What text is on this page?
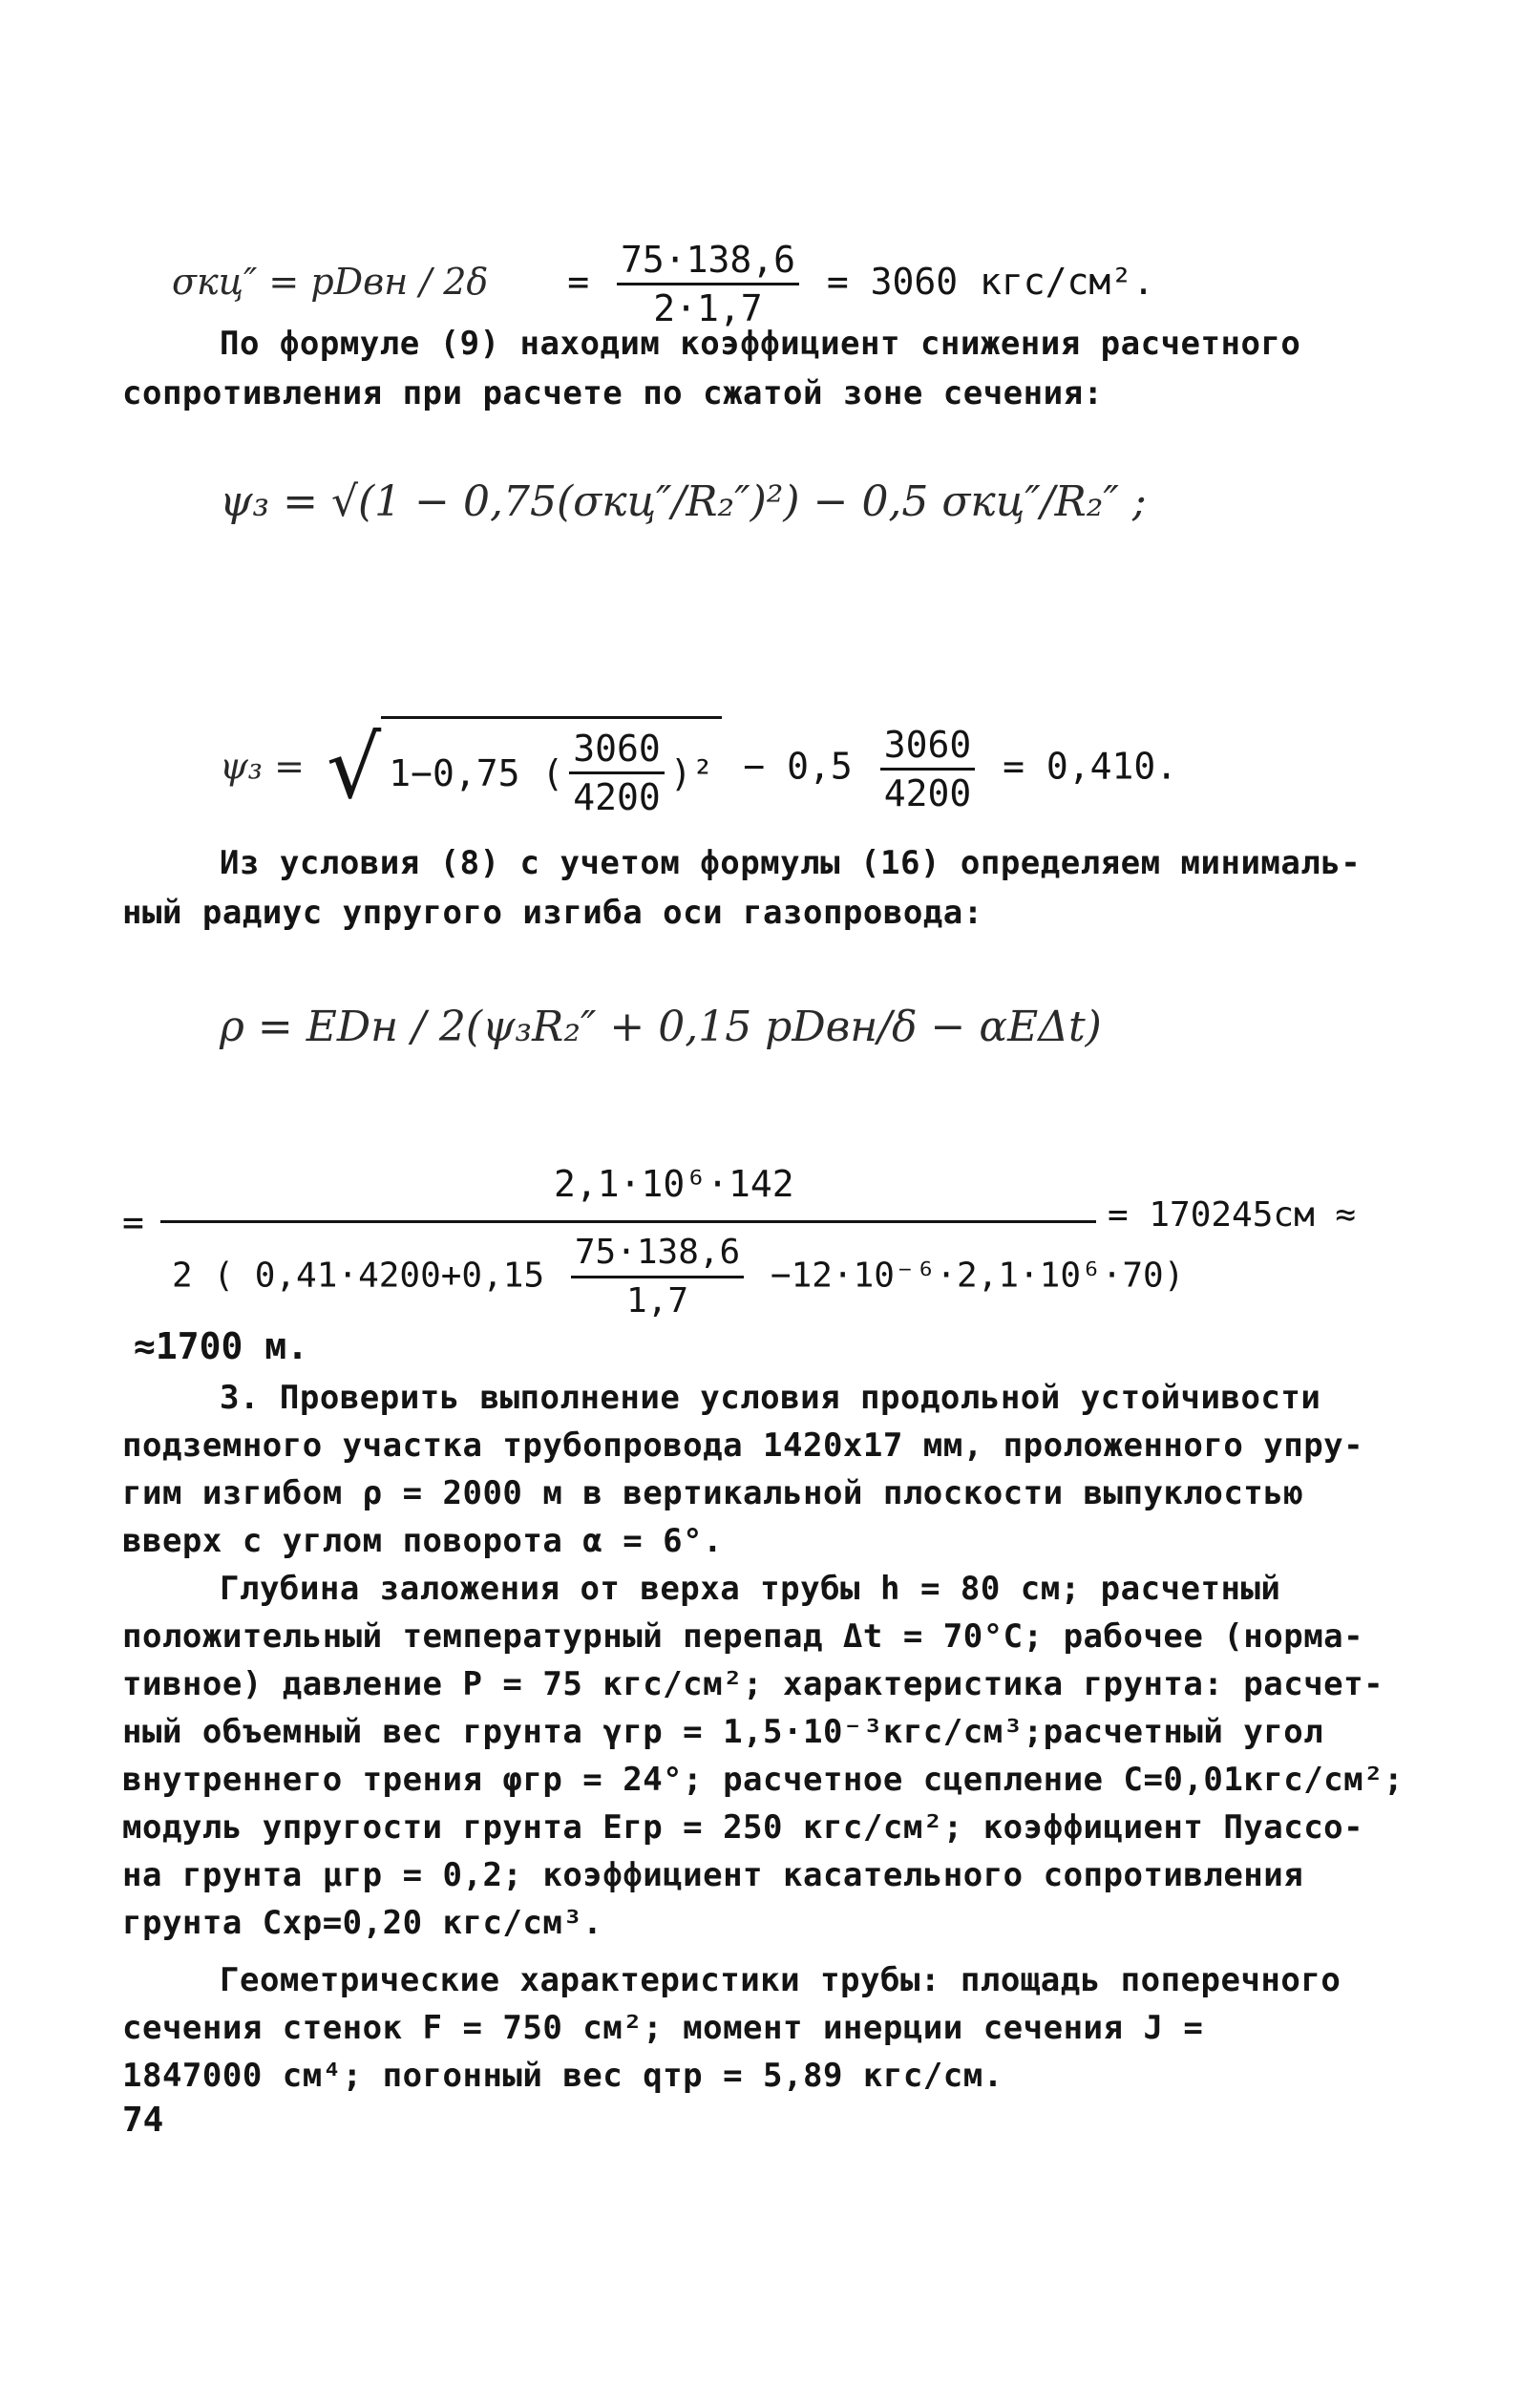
σкц″ = pDвн / $2\delta = \frac{75\cdot 138,6}{2\cdot 1,7} = 3060$ кгс/см².
По формуле (9) находим коэффициент снижения расчетного
сопротивления при расчете по сжатой зоне сечения:
ψ₃ = √(1 − 0,75(σкц″/R₂″)²) − 0,5 σкц″/R₂″ ;
ψ₃ = √ 1−0,75 ( $\frac{3060}{4200} )^2 - 0,5 \frac{3060}{4200} = 0,410$.
Из условия (8) с учетом формулы (16) определяем минималь-
ный радиус упругого изгиба оси газопровода:
ρ = EDн / 2(ψ₃R₂″ + 0,15 pDвн/δ − αEΔt)
=
2,1·10⁶·142
2 ( $0,41\cdot 4200+0,15 \frac{75\cdot 138,6}{1,7} -12\cdot 10^{-6}\cdot 2,1\cdot 10^6\cdot 70$)
= 170245см ≈
≈1700 м.
3. Проверить выполнение условия продольной устойчивости
подземного участка трубопровода 1420х17 мм, проложенного упру-
гим изгибом ρ = 2000 м в вертикальной плоскости выпуклостью
вверх с углом поворота α = 6°.
Глубина заложения от верха трубы h = 80 см; расчетный
положительный температурный перепад Δt = 70°С; рабочее (норма-
тивное) давление Р = 75 кгс/см²; характеристика грунта: расчет-
ный объемный вес грунта γгр = 1,5·10⁻³кгс/см³;расчетный угол
внутреннего трения φгр = 24°; расчетное сцепление С=0,01кгс/см²;
модуль упругости грунта Егр = 250 кгс/см²; коэффициент Пуассо-
на грунта μгр = 0,2; коэффициент касательного сопротивления
грунта Схр=0,20 кгс/см³.
Геометрические характеристики трубы: площадь поперечного
сечения стенок F = 750 см²; момент инерции сечения J =
1847000 см⁴; погонный вес qтр = 5,89 кгс/см.
74
